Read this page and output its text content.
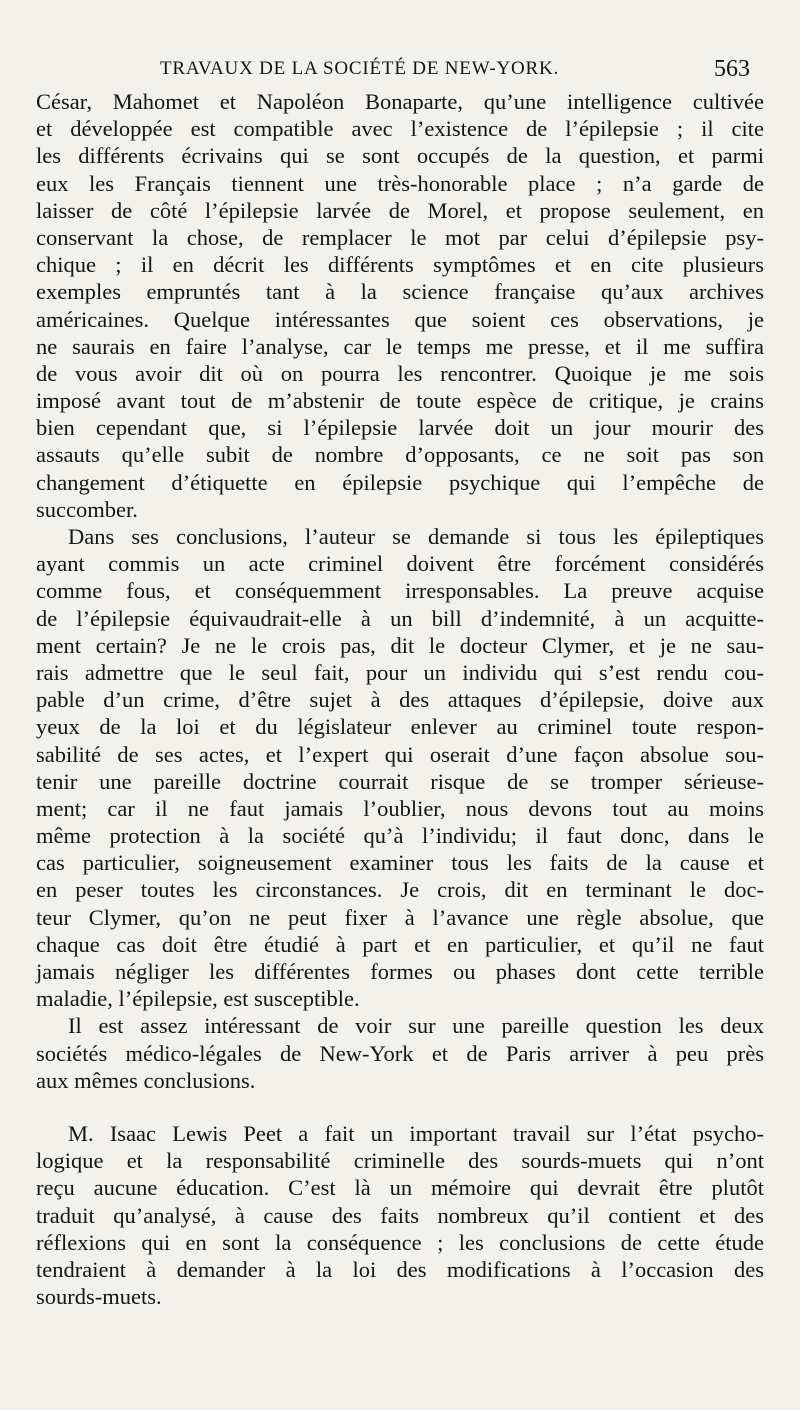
TRAVAUX DE LA SOCIÉTÉ DE NEW-YORK.	563
César, Mahomet et Napoléon Bonaparte, qu’une intelligence cultivée
et développée est compatible avec l’existence de l’épilepsie ; il cite
les différents écrivains qui se sont occupés de la question, et parmi
eux les Français tiennent une très-honorable place ; n’a garde de
laisser de côté l’épilepsie larvée de Morel, et propose seulement, en
conservant la chose, de remplacer le mot par celui d’épilepsie psy-
chique ; il en décrit les différents symptômes et en cite plusieurs
exemples empruntés tant à la science française qu’aux archives
américaines. Quelque intéressantes que soient ces observations, je
ne saurais en faire l’analyse, car le temps me presse, et il me suffira
de vous avoir dit où on pourra les rencontrer. Quoique je me sois
imposé avant tout de m’abstenir de toute espèce de critique, je crains
bien cependant que, si l’épilepsie larvée doit un jour mourir des
assauts qu’elle subit de nombre d’opposants, ce ne soit pas son
changement d’étiquette en épilepsie psychique qui l’empêche de
succomber.
Dans ses conclusions, l’auteur se demande si tous les épileptiques
ayant commis un acte criminel doivent être forcément considérés
comme fous, et conséquemment irresponsables. La preuve acquise
de l’épilepsie équivaudrait-elle à un bill d’indemnité, à un acquitte-
ment certain? Je ne le crois pas, dit le docteur Clymer, et je ne sau-
rais admettre que le seul fait, pour un individu qui s’est rendu cou-
pable d’un crime, d’être sujet à des attaques d’épilepsie, doive aux
yeux de la loi et du législateur enlever au criminel toute respon-
sabilité de ses actes, et l’expert qui oserait d’une façon absolue sou-
tenir une pareille doctrine courrait risque de se tromper sérieuse-
ment; car il ne faut jamais l’oublier, nous devons tout au moins
même protection à la société qu’à l’individu; il faut donc, dans le
cas particulier, soigneusement examiner tous les faits de la cause et
en peser toutes les circonstances. Je crois, dit en terminant le doc-
teur Clymer, qu’on ne peut fixer à l’avance une règle absolue, que
chaque cas doit être étudié à part et en particulier, et qu’il ne faut
jamais négliger les différentes formes ou phases dont cette terrible
maladie, l’épilepsie, est susceptible.
Il est assez intéressant de voir sur une pareille question les deux
sociétés médico-légales de New-York et de Paris arriver à peu près
aux mêmes conclusions.
M. Isaac Lewis Peet a fait un important travail sur l’état psycho-
logique et la responsabilité criminelle des sourds-muets qui n’ont
reçu aucune éducation. C’est là un mémoire qui devrait être plutôt
traduit qu’analysé, à cause des faits nombreux qu’il contient et des
réflexions qui en sont la conséquence ; les conclusions de cette étude
tendraient à demander à la loi des modifications à l’occasion des
sourds-muets.
